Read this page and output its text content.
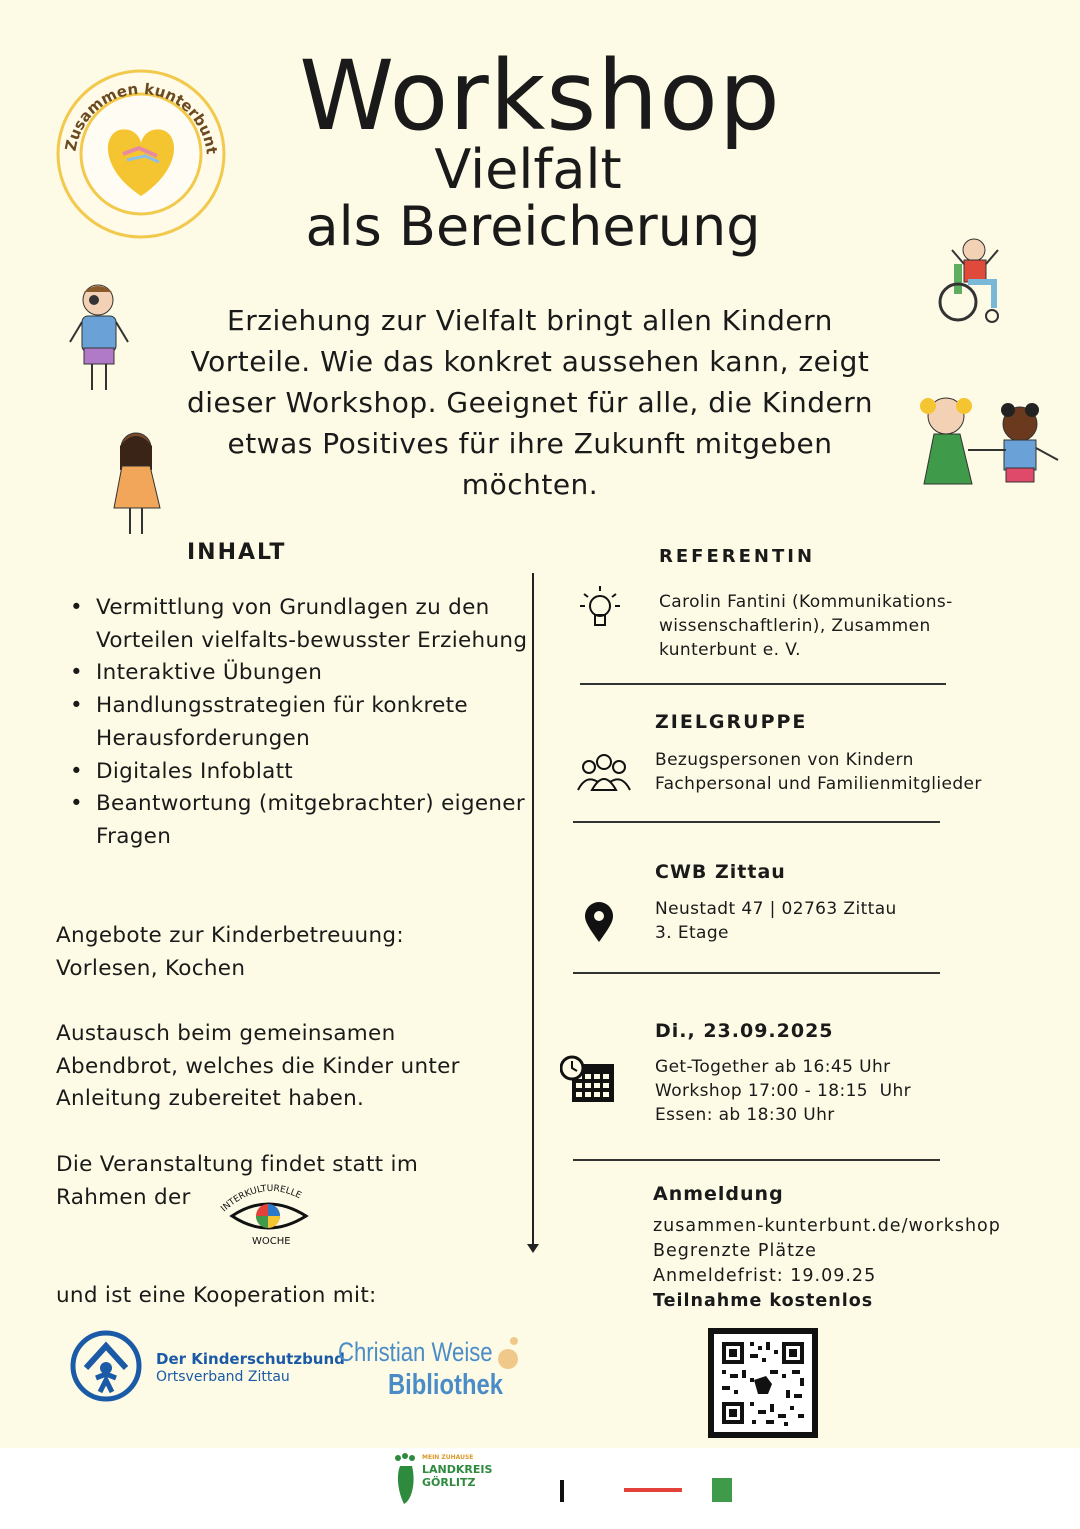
Zusammen kunterbunt Workshop
Vielfalt
als Bereicherung
Erziehung zur Vielfalt bringt allen Kindern Vorteile. Wie das konkret aussehen kann, zeigt dieser Workshop. Geeignet für alle, die Kindern etwas Positives für ihre Zukunft mitgeben möchten.
INHALT
• Vermittlung von Grundlagen zu den Vorteilen vielfalts-bewusster Erziehung
• Interaktive Übungen
• Handlungsstrategien für konkrete Herausforderungen
• Digitales Infoblatt
• Beantwortung (mitgebrachter) eigener Fragen
Angebote zur Kinderbetreuung: Vorlesen, Kochen
Austausch beim gemeinsamen Abendbrot, welches die Kinder unter Anleitung zubereitet haben.
Die Veranstaltung findet statt im Rahmen der
INTERKULTURELLE
WOCHE
und ist eine Kooperation mit:
Der Kinderschutzbund
Ortsverband Zittau
Christian Weise
Bibliothek
REFERENTIN
Carolin Fantini (Kommunikations-wissenschaftlerin), Zusammen kunterbunt e. V.
ZIELGRUPPE
Bezugspersonen von Kindern
Fachpersonal und Familienmitglieder
CWB Zittau
Neustadt 47 | 02763 Zittau
3. Etage
Di., 23.09.2025
Get-Together ab 16:45 Uhr
Workshop 17:00 - 18:15  Uhr
Essen: ab 18:30 Uhr
Anmeldung
zusammen-kunterbunt.de/workshop
Begrenzte Plätze
Anmeldefrist: 19.09.25
Teilnahme kostenlos
MEIN ZUHAUSE
LANDKREIS
GÖRLITZ
